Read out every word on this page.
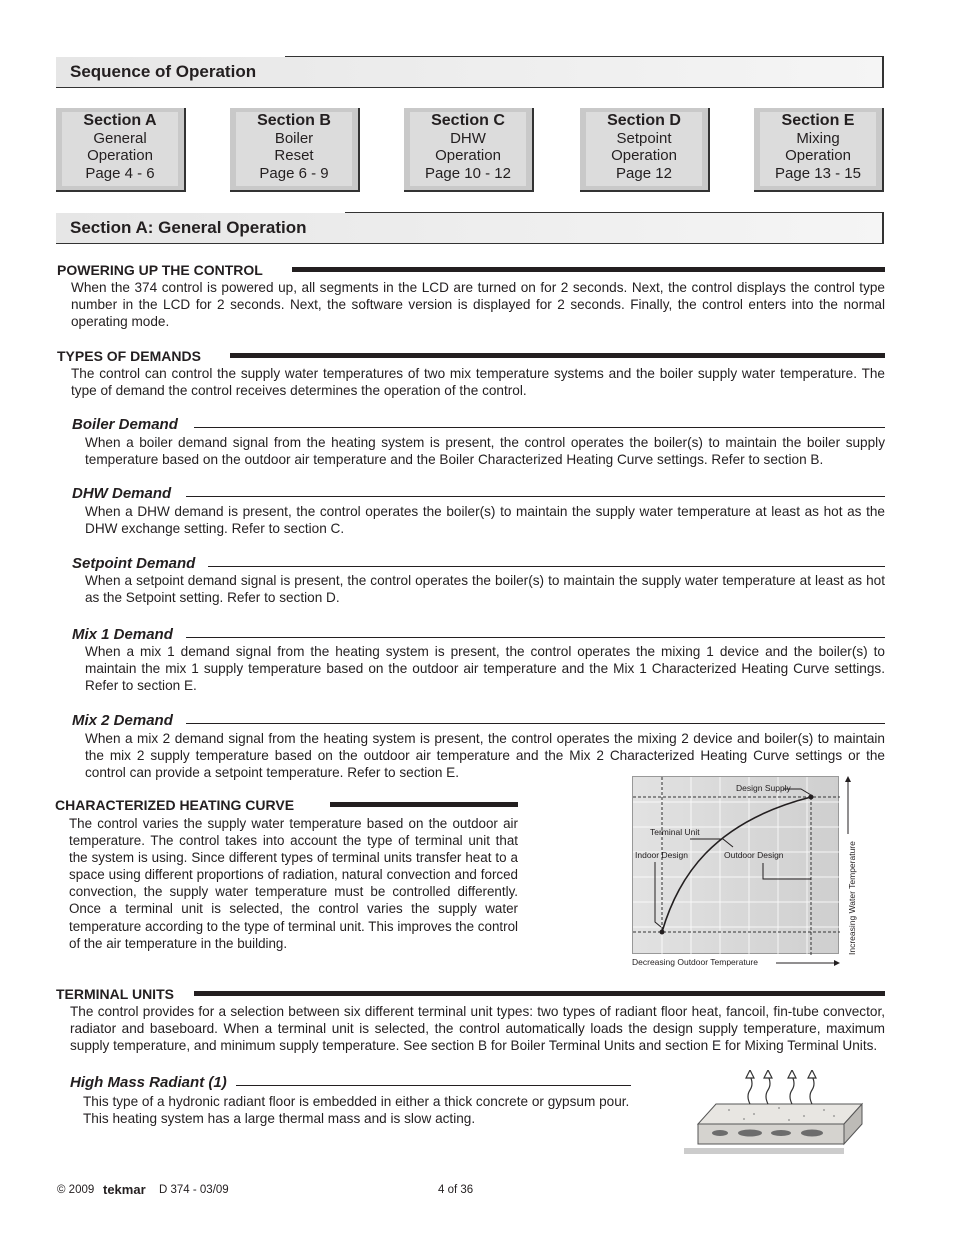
Sequence of Operation
Section A
General
Operation
Page 4 - 6
Section B
Boiler
Reset
Page 6 - 9
Section C
DHW
Operation
Page 10 - 12
Section D
Setpoint
Operation
Page 12
Section E
Mixing
Operation
Page 13 - 15
Section A: General Operation
POWERING UP THE CONTROL
When the 374 control is powered up, all segments in the LCD are turned on for 2 seconds. Next, the control displays the control type number in the LCD for 2 seconds. Next, the software version is displayed for 2 seconds. Finally, the control enters into the normal operating mode.
TYPES OF DEMANDS
The control can control the supply water temperatures of two mix temperature systems and the boiler supply water temperature. The type of demand the control receives determines the operation of the control.
Boiler Demand
When a boiler demand signal from the heating system is present, the control operates the boiler(s) to maintain the boiler supply temperature based on the outdoor air temperature and the Boiler Characterized Heating Curve settings. Refer to section B.
DHW Demand
When a DHW demand is present, the control operates the boiler(s) to maintain the supply water temperature at least as hot as the DHW exchange setting. Refer to section C.
Setpoint Demand
When a setpoint demand signal is present, the control operates the boiler(s) to maintain the supply water temperature at least as hot as the Setpoint setting. Refer to section D.
Mix 1 Demand
When a mix 1 demand signal from the heating system is present, the control operates the mixing 1 device and the boiler(s) to maintain the mix 1 supply temperature based on the outdoor air temperature and the Mix 1 Characterized Heating Curve settings. Refer to section E.
Mix 2 Demand
When a mix 2 demand signal from the heating system is present, the control operates the mixing 2 device and boiler(s) to maintain the mix 2 supply temperature based on the outdoor air temperature and the Mix 2 Characterized Heating Curve settings or the control can provide a setpoint temperature. Refer to section E.
CHARACTERIZED HEATING CURVE
The control varies the supply water temperature based on the outdoor air temperature. The control takes into account the type of terminal unit that the system is using. Since different types of terminal units transfer heat to a space using different proportions of radiation, natural convection and forced convection, the supply water temperature must be controlled differently. Once a terminal unit is selected, the control varies the supply water temperature according to the type of terminal unit. This improves the control of the air temperature in the building.
Design Supply
Terminal Unit
Indoor Design	Outdoor Design
Decreasing Outdoor Temperature
Increasing Water Temperature
TERMINAL UNITS
The control provides for a selection between six different terminal unit types: two types of radiant floor heat, fancoil, fin-tube convector, radiator and baseboard. When a terminal unit is selected, the control automatically loads the design supply temperature, maximum supply temperature, and minimum supply temperature. See section B for Boiler Terminal Units and section E for Mixing Terminal Units.
High Mass Radiant (1)
This type of a hydronic radiant floor is embedded in either a thick concrete or gypsum pour. This heating system has a large thermal mass and is slow acting.
© 2009 tekmar D 374 - 03/09	4 of 36
